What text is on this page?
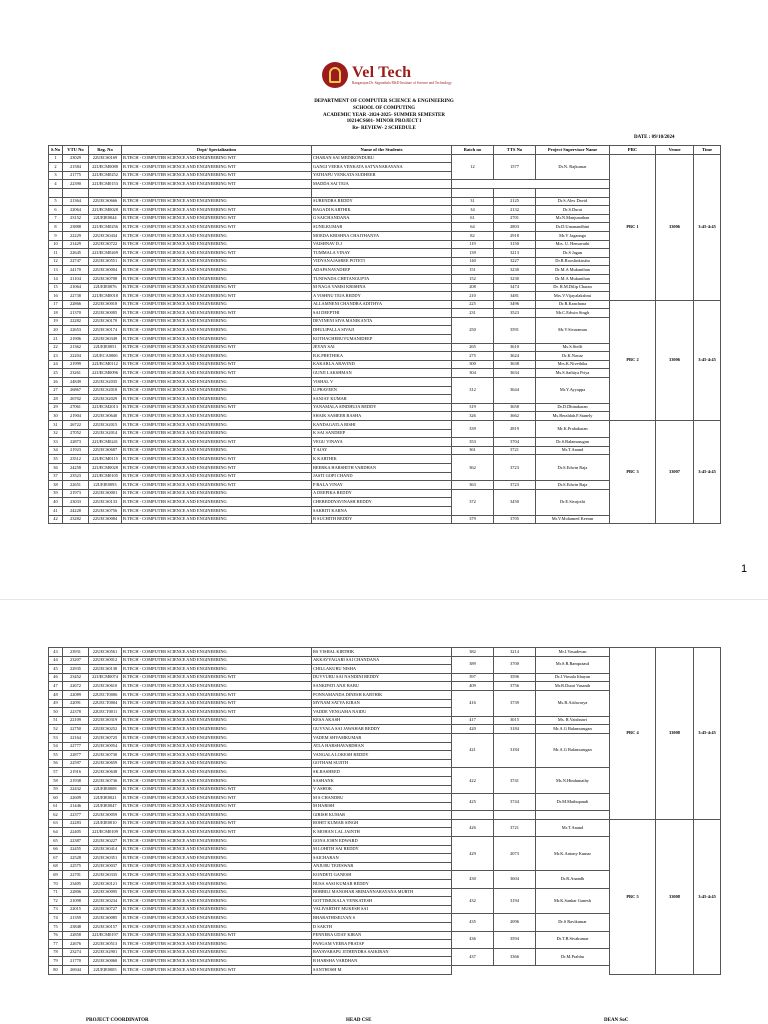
Vel Tech
Rangarajan Dr. Sagunthala R&D Institute of Science and Technology
DEPARTMENT OF COMPUTER SCIENCE & ENGINEERING
SCHOOL OF COMPUTING
ACADEMIC YEAR -2024-2025- SUMMER SEMESTER
10214CS601- MINOR PROJECT I
Re- REVIEW- 2 SCHEDULE
DATE : 09/10/2024
S.No	VTU No	Reg. No	Dept/ Specialization	Name of the Students	Batch no	TTS No	Project Supervisor Name	PRC	Venue	Time	
1	23029	22UECS0169	B.TECH - COMPUTER SCIENCE AND ENGINEERING WIT	CHARAN SAI MEDIKONDURU	12	1577	Dr.N. Rajkumar	PRC 1	33006	3:45-4:45	
2	21584	22UECM0088	B.TECH - COMPUTER SCIENCE AND ENGINEERING WIT	GANGI VEERA VENKATA SATYANARAYANA			
3	21775	22UECM0252	B.TECH - COMPUTER SCIENCE AND ENGINEERING WIT	YATHAPU VENKATA SUDHEER							
4	22390	22UECM0153	B.TECH - COMPUTER SCIENCE AND ENGINEERING WIT	MADDA SAI TEJA							

5	21364	22UECS0666	B.TECH - COMPUTER SCIENCE AND ENGINEERING	SURENDRA REDDY	31	2125	Dr.S.Alex David				
6	22064	22UECM0028	B.TECH - COMPUTER SCIENCE AND ENGINEERING WIT	BAGADI KARTHIK	34	2132	Dr.S.Durai				
7	23152	22UEIE0044	B.TECH - COMPUTER SCIENCE AND ENGINEERING WIT	G SAICHANDANA	61	2701	Mr.N.Manjunathan				
8	23888	22UECM0256	B.TECH - COMPUTER SCIENCE AND ENGINEERING WIT	SUNILKUMAR	64	2803	Dr.D.Umanandhini				
9	22229	22UECS0434	B.TECH - COMPUTER SCIENCE AND ENGINEERING	MOEDA KRISHNA CHAITHANYA	82	2918	Mr.V Jagannga				
10	21429	22UECS0722	B.TECH - COMPUTER SCIENCE AND ENGINEERING	VAISHNAV D.J	119	3150	Mrs. U. Hemavathi				
11	22645	22UECM0269	B.TECH - COMPUTER SCIENCE AND ENGINEERING WIT	TUMMALA VINAY	139	3213	Dr.S Jagan				
12	22747	22UECS0551	B.TECH - COMPUTER SCIENCE AND ENGINEERING	VIDYANAJASREE POTETI	140	3227	Dr.R.Rooslinkiruba				
13	24170	22UECS0004	B.TECH - COMPUTER SCIENCE AND ENGINEERING	ADAPANAVADEEP	151	3230	Dr.M.A Mukunthan				
14	21104	22UECS0708	B.TECH - COMPUTER SCIENCE AND ENGINEERING	TUNIWADA CHETANGUPTA	152	3230	Dr.M.A Mukunthan				
15	21064	22UEIE0076	B.TECH - COMPUTER SCIENCE AND ENGINEERING WIT	M NAGA VAMSI KRISHNA	208	3474	Dr. R.M.Dilip Charan				
16	22738	22UECM0018	B.TECH - COMPUTER SCIENCE AND ENGINEERING WIT	A VISHNU TEJA REDDY	210	3481	Mrs.V.Vijayalakshmi				
17	22866	22UECS0018	B.TECH - COMPUTER SCIENCE AND ENGINEERING	ALLAMNENI CHANDRA ADITHYA	225	3496	Dr.R.Kanchana	PRC 2	33006	3:45-4:45	
18	21370	22UECS0005	B.TECH - COMPUTER SCIENCE AND ENGINEERING WIT	SAI DEEPTHI	231	3523	Mr.C.Edwin Singh				
19	22282	22UECS0170	B.TECH - COMPUTER SCIENCE AND ENGINEERING	DEVINENI SIVA MANIKANTA	250	3591	Mr.V.Sivaraman				
20	22653	22UECS0174	B.TECH - COMPUTER SCIENCE AND ENGINEERING	DHULIPALLA SIVAJI							
21	21906	22UECS0349	B.TECH - COMPUTER SCIENCE AND ENGINEERING	KOTHACHERUVUMANIDEEP							
22	21362	22UEIE0051	B.TECH - COMPUTER SCIENCE AND ENGINEERING WIT	JEYAN SAI	265	3610	Ms.S.Steffi				
23	22204	22UECA0006	B.TECH - COMPUTER SCIENCE AND ENGINEERING	B.K.PRETHIKA	275	3624	Dr.K.Navaz				
24	21999	22UECM0112	B.TECH - COMPUTER SCIENCE AND ENGINEERING WIT	KAKARLA ARAVIND	300	3638	Mrs.K.Nivethika				
25	23261	22UECM0096	B.TECH - COMPUTER SCIENCE AND ENGINEERING WIT	GUNJI LAKSHMAN	304	3634	Ms.S.Sathiya Priya				
26	24849	22UECS2035	B.TECH - COMPUTER SCIENCE AND ENGINEERING	VISHAL V	312	3644	Mr.Y.Ayyappa				
27	26867	22UECS2018	B.TECH - COMPUTER SCIENCE AND ENGINEERING	U.PRAVEEN							
28	26702	22UECS2029	B.TECH - COMPUTER SCIENCE AND ENGINEERING	SANJAY KUMAR							
29	27061	22UECM2013	B.TECH - COMPUTER SCIENCE AND ENGINEERING WIT	YANAMALA SINDHUJA REDDY	319	3658	Dr.D.Dhinakaran				
30	21904	22UECS0640	B.TECH - COMPUTER SCIENCE AND ENGINEERING	SHAIK SAMEER BASHA	326	3662	Ms.Beraldah.F.Stanely				
31	26722	22UECS2015	B.TECH - COMPUTER SCIENCE AND ENGINEERING	KANDAGATLA RISHI	339	2819	Mr.K.Prabakaran	PRC 3	33007	3:45-4:45	
32	27052	22UECS2014	B.TECH - COMPUTER SCIENCE AND ENGINEERING	K SAI SANDEEP							
33	22873	22UECM0241	B.TECH - COMPUTER SCIENCE AND ENGINEERING WIT	VEGU VINAYA	353	3704	Dr.S.Balamurugan				
34	21923	22UECS0687	B.TECH - COMPUTER SCIENCE AND ENGINEERING	T AJAY	361	3721	Mr.T.Anand				
35	23512	22UECM0115	B.TECH - COMPUTER SCIENCE AND ENGINEERING WIT	K KARTHIK	362	3723	Dr.S.Edwin Raja				
36	24258	22UECM0028	B.TECH - COMPUTER SCIENCE AND ENGINEERING WIT	BEERKA HARSHITH VARDHAN							
37	23523	22UECM0105	B.TECH - COMPUTER SCIENCE AND ENGINEERING WIT	JASTI GOPI CHAND							
38	22651	22UEIE0093	B.TECH - COMPUTER SCIENCE AND ENGINEERING WIT	P BALA VINAY	363	3723	Dr.S.Edwin Raja				
39	21973	22UECS0001	B.TECH - COMPUTER SCIENCE AND ENGINEERING	A DEEPIKA REDDY	372	3450	Dr.E.Sivajothi				
40	23033	22UECS0133	B.TECH - COMPUTER SCIENCE AND ENGINEERING	CHEREDDYAVINASH REDDY							
41	24228	22UECS0756	B.TECH - COMPUTER SCIENCE AND ENGINEERING	SAKRITI KARNA							
42	23282	22UECS0084	B.TECH - COMPUTER SCIENCE AND ENGINEERING	B SUCHITH REDDY	379	3705	Mr.V.Mohamed Keeran				
1
43	23931	22UECS0561	B.TECH - COMPUTER SCIENCE AND ENGINEERING	RS VISHAL KIRTHIK	382	3214	Mr.I.Vasudevan	PRC 4	33008	3:45-4:45
44	23207	22UECS0012	B.TECH - COMPUTER SCIENCE AND ENGINEERING	AKKAVYAGARI SAI CHANDANA	389	3700	Mr.S.R.Rampraasd			
45	22935	22UECS0138	B.TECH - COMPUTER SCIENCE AND ENGINEERING	CHILLAKURU NISHA						
46	23452	22UECM0074	B.TECH - COMPUTER SCIENCE AND ENGINEERING WIT	DUVVURU SAI NANDINI REDDY	397	3596	Dr.J.Vimala Ithayan			
47	22672	22UECS0610	B.TECH - COMPUTER SCIENCE AND ENGINEERING	SANKIPATI ANJI BABU	409	3756	Mr.R.Durai Vasanth			
48	22089	22UECT0006	B.TECH - COMPUTER SCIENCE AND ENGINEERING WIT	PONNAMANDA DINESH KARTHIK	416	3739	Ms.B.Aishwarya			
49	22091	22UECT0004	B.TECH - COMPUTER SCIENCE AND ENGINEERING WIT	MYNAM SATYA KIRAN						
50	22378	22UECT0011	B.TECH - COMPUTER SCIENCE AND ENGINEERING WIT	VADDE VENGAMA NAIDU						
51	22109	22UECS0319	B.TECH - COMPUTER SCIENCE AND ENGINEERING	KESA AKASH	417	3015	Ms. R.Vaishnavi			
52	22750	22UECS0252	B.TECH - COMPUTER SCIENCE AND ENGINEERING	GUVVALA SAI JAWAHAR REDDY	420	3184	Mr.A.G Balamurugan			
53	22164	22UECS0725	B.TECH - COMPUTER SCIENCE AND ENGINEERING	VADEM SHYAMKUMAR	421	3184	Mr.A.G Balamurugan			
54	22777	22UECS0054	B.TECH - COMPUTER SCIENCE AND ENGINEERING	ATLA HARSHAVARDHAN						
55	22877	22UECS0730	B.TECH - COMPUTER SCIENCE AND ENGINEERING	VANGALA LOKESH REDDY						
56	22597	22UECS0659	B.TECH - COMPUTER SCIENCE AND ENGINEERING	GOTHAM SUJITH						
57	21916	22UECS0638	B.TECH - COMPUTER SCIENCE AND ENGINEERING	SK.RASHEED	422	3741	Ms.N.Hindumathy			
58	21938	22UECS0736	B.TECH - COMPUTER SCIENCE AND ENGINEERING	SASHANK						
59	22432	22UEIE0008	B.TECH - COMPUTER SCIENCE AND ENGINEERING WIT	V ASHOK						
60	22609	22UEIE0021	B.TECH - COMPUTER SCIENCE AND ENGINEERING WIT	M S CHANDRU	425	3744	Dr.M.Mathupandi			
61	21446	22UEIE0047	B.TECH - COMPUTER SCIENCE AND ENGINEERING WIT	M HARISH						
62	22377	22UECS0059	B.TECH - COMPUTER SCIENCE AND ENGINEERING	GIRISH KUMAR						
63	22283	22UEIE0010	B.TECH - COMPUTER SCIENCE AND ENGINEERING WIT	ROHIT KUMAR SINGH	426	3721	Mr.T.Anand	PRC 5	33008	3:45-4:45
64	22405	22UECM0109	B.TECH - COMPUTER SCIENCE AND ENGINEERING WIT	K MOHAN LAL JAINTH						
65	22387	22UECS0227	B.TECH - COMPUTER SCIENCE AND ENGINEERING	GONA JOHN EDWARD	429	2073	Mr.K.Antony Kumar			
66	22455	22UECS0414	B.TECH - COMPUTER SCIENCE AND ENGINEERING	M LOHITH SAI REDDY						
67	22528	22UECS0351	B.TECH - COMPUTER SCIENCE AND ENGINEERING	SAICHARAN						
68	22575	22UECS0037	B.TECH - COMPUTER SCIENCE AND ENGINEERING	ANJURU TEJESWAR						
69	22701	22UECS0335	B.TECH - COMPUTER SCIENCE AND ENGINEERING	KONDETI GANESH	430	3604	Dr.R.Anandh			
70	23405	22UECS0121	B.TECH - COMPUTER SCIENCE AND ENGINEERING	BUSA SASI KUMAR REDDY						
71	22806	22UECS0095	B.TECH - COMPUTER SCIENCE AND ENGINEERING	BOBBILI MANOHAR SRIMANNARAYANA MURTH	432	3194	Mr.K.Sankar Ganesh			
72	21098	22UECS0234	B.TECH - COMPUTER SCIENCE AND ENGINEERING	GOTTIMUKALA VENKATESH						
73	22015	22UECS0727	B.TECH - COMPUTER SCIENCE AND ENGINEERING	VALIVARTHY MUKESH SAI						
74	21359	22UECS0085	B.TECH - COMPUTER SCIENCE AND ENGINEERING	BHARATHISELVAN S	435	2096	Dr.S Ravikumar			
75	23848	22UECS0157	B.TECH - COMPUTER SCIENCE AND ENGINEERING	D SAKTH						
76	22858	22UECM0197	B.TECH - COMPUTER SCIENCE AND ENGINEERING WIT	PENNERA UDAY KIRAN	436	3594	Dr.T.B.Sivakumar			
77	22676	22UECS0513	B.TECH - COMPUTER SCIENCE AND ENGINEERING	PANGAM VEERA PRATAP						
78	23274	22UECS2901	B.TECH - COMPUTER SCIENCE AND ENGINEERING	RAYAVARAPU JITHENDRA SAIKIRAN	437	3366	Dr.M.Prabhu			
79	21770	22UECS0060	B.TECH - COMPUTER SCIENCE AND ENGINEERING	B HARSHA VARDHAN						
80	26944	22UEIE0005	B.TECH - COMPUTER SCIENCE AND ENGINEERING WIT	SANTHOSH M						
PROJECT COORDINATOR	HEAD CSE	DEAN SoC
